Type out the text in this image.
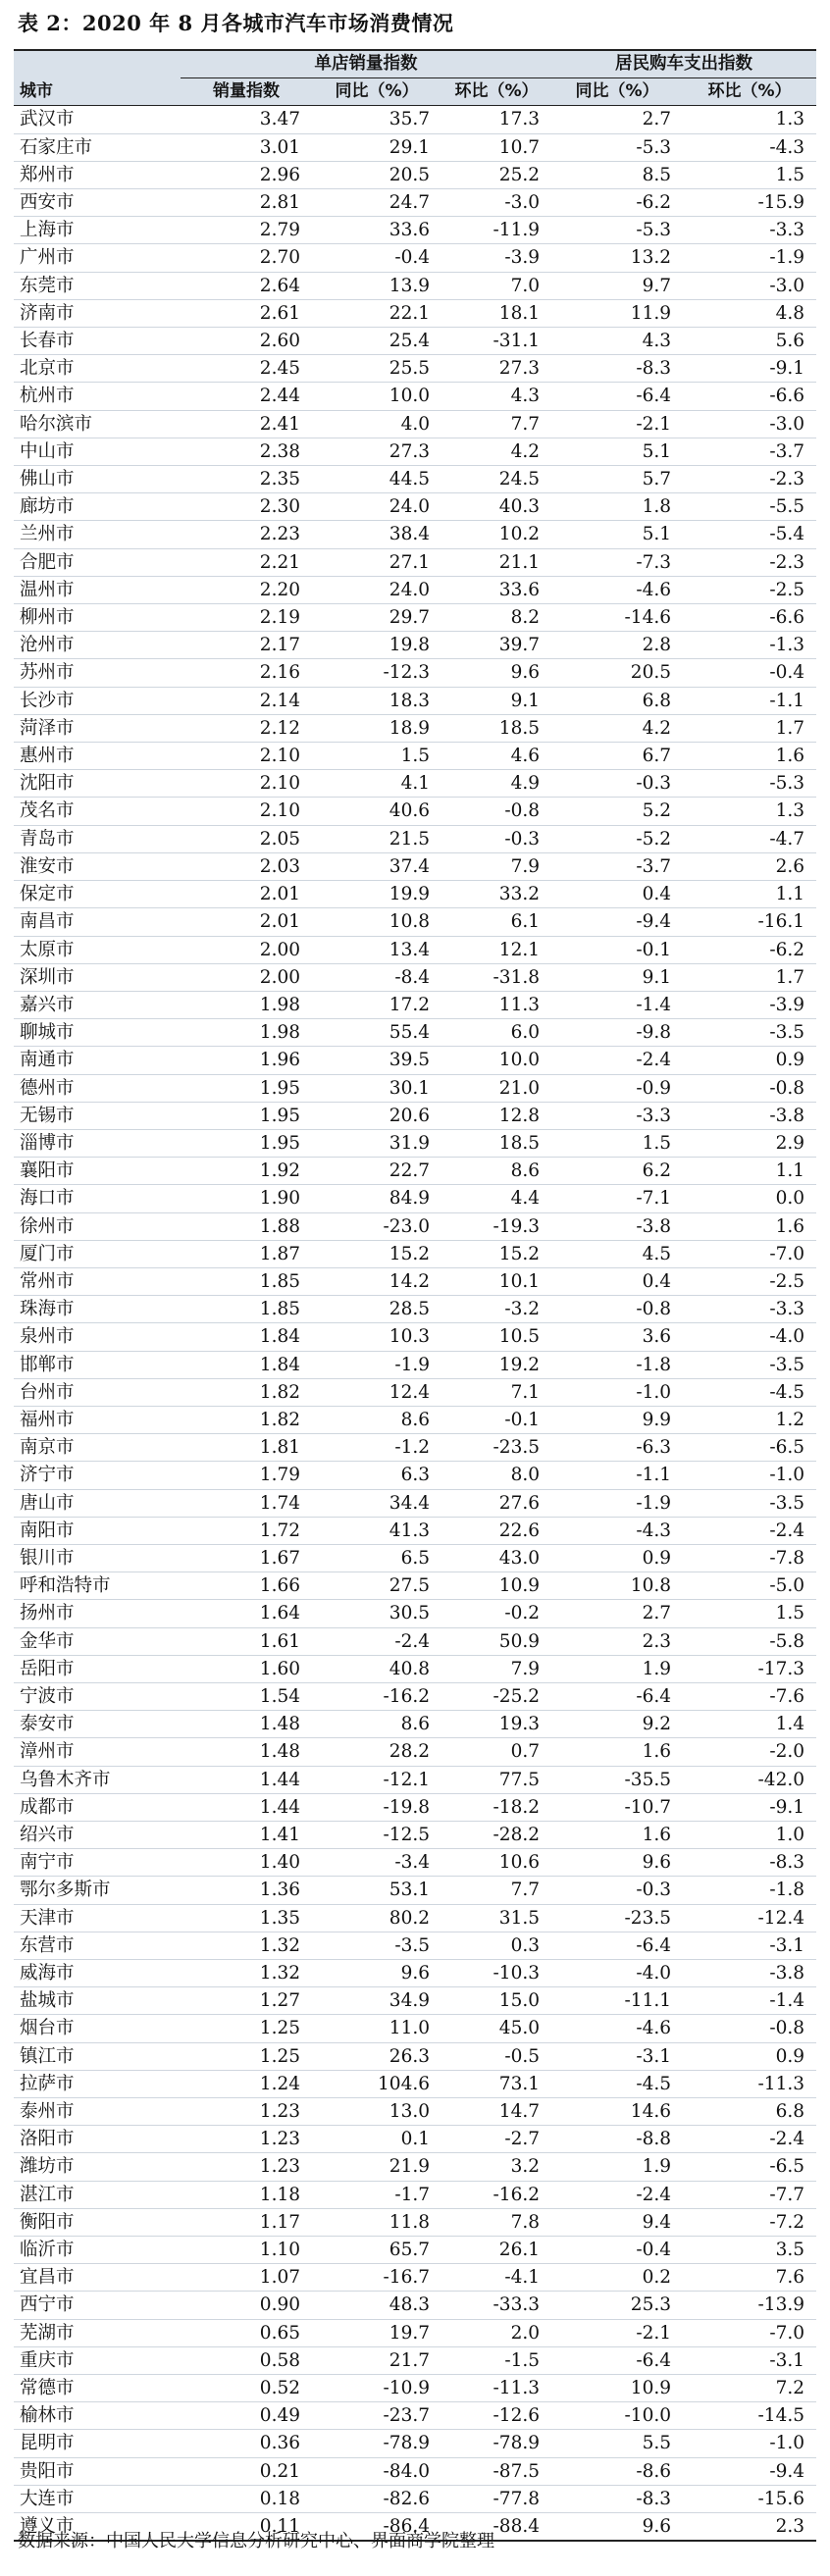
表 2：2020 年 8 月各城市汽车市场消费情况
	单店销量指数			居民购车支出指数	
城市	销量指数	同比（%）	环比（%）	同比（%）	环比（%）
武汉市	3.47	35.7	17.3	2.7	1.3
石家庄市	3.01	29.1	10.7	-5.3	-4.3
郑州市	2.96	20.5	25.2	8.5	1.5
西安市	2.81	24.7	-3.0	-6.2	-15.9
上海市	2.79	33.6	-11.9	-5.3	-3.3
广州市	2.70	-0.4	-3.9	13.2	-1.9
东莞市	2.64	13.9	7.0	9.7	-3.0
济南市	2.61	22.1	18.1	11.9	4.8
长春市	2.60	25.4	-31.1	4.3	5.6
北京市	2.45	25.5	27.3	-8.3	-9.1
杭州市	2.44	10.0	4.3	-6.4	-6.6
哈尔滨市	2.41	4.0	7.7	-2.1	-3.0
中山市	2.38	27.3	4.2	5.1	-3.7
佛山市	2.35	44.5	24.5	5.7	-2.3
廊坊市	2.30	24.0	40.3	1.8	-5.5
兰州市	2.23	38.4	10.2	5.1	-5.4
合肥市	2.21	27.1	21.1	-7.3	-2.3
温州市	2.20	24.0	33.6	-4.6	-2.5
柳州市	2.19	29.7	8.2	-14.6	-6.6
沧州市	2.17	19.8	39.7	2.8	-1.3
苏州市	2.16	-12.3	9.6	20.5	-0.4
长沙市	2.14	18.3	9.1	6.8	-1.1
菏泽市	2.12	18.9	18.5	4.2	1.7
惠州市	2.10	1.5	4.6	6.7	1.6
沈阳市	2.10	4.1	4.9	-0.3	-5.3
茂名市	2.10	40.6	-0.8	5.2	1.3
青岛市	2.05	21.5	-0.3	-5.2	-4.7
淮安市	2.03	37.4	7.9	-3.7	2.6
保定市	2.01	19.9	33.2	0.4	1.1
南昌市	2.01	10.8	6.1	-9.4	-16.1
太原市	2.00	13.4	12.1	-0.1	-6.2
深圳市	2.00	-8.4	-31.8	9.1	1.7
嘉兴市	1.98	17.2	11.3	-1.4	-3.9
聊城市	1.98	55.4	6.0	-9.8	-3.5
南通市	1.96	39.5	10.0	-2.4	0.9
德州市	1.95	30.1	21.0	-0.9	-0.8
无锡市	1.95	20.6	12.8	-3.3	-3.8
淄博市	1.95	31.9	18.5	1.5	2.9
襄阳市	1.92	22.7	8.6	6.2	1.1
海口市	1.90	84.9	4.4	-7.1	0.0
徐州市	1.88	-23.0	-19.3	-3.8	1.6
厦门市	1.87	15.2	15.2	4.5	-7.0
常州市	1.85	14.2	10.1	0.4	-2.5
珠海市	1.85	28.5	-3.2	-0.8	-3.3
泉州市	1.84	10.3	10.5	3.6	-4.0
邯郸市	1.84	-1.9	19.2	-1.8	-3.5
台州市	1.82	12.4	7.1	-1.0	-4.5
福州市	1.82	8.6	-0.1	9.9	1.2
南京市	1.81	-1.2	-23.5	-6.3	-6.5
济宁市	1.79	6.3	8.0	-1.1	-1.0
唐山市	1.74	34.4	27.6	-1.9	-3.5
南阳市	1.72	41.3	22.6	-4.3	-2.4
银川市	1.67	6.5	43.0	0.9	-7.8
呼和浩特市	1.66	27.5	10.9	10.8	-5.0
扬州市	1.64	30.5	-0.2	2.7	1.5
金华市	1.61	-2.4	50.9	2.3	-5.8
岳阳市	1.60	40.8	7.9	1.9	-17.3
宁波市	1.54	-16.2	-25.2	-6.4	-7.6
泰安市	1.48	8.6	19.3	9.2	1.4
漳州市	1.48	28.2	0.7	1.6	-2.0
乌鲁木齐市	1.44	-12.1	77.5	-35.5	-42.0
成都市	1.44	-19.8	-18.2	-10.7	-9.1
绍兴市	1.41	-12.5	-28.2	1.6	1.0
南宁市	1.40	-3.4	10.6	9.6	-8.3
鄂尔多斯市	1.36	53.1	7.7	-0.3	-1.8
天津市	1.35	80.2	31.5	-23.5	-12.4
东营市	1.32	-3.5	0.3	-6.4	-3.1
威海市	1.32	9.6	-10.3	-4.0	-3.8
盐城市	1.27	34.9	15.0	-11.1	-1.4
烟台市	1.25	11.0	45.0	-4.6	-0.8
镇江市	1.25	26.3	-0.5	-3.1	0.9
拉萨市	1.24	104.6	73.1	-4.5	-11.3
泰州市	1.23	13.0	14.7	14.6	6.8
洛阳市	1.23	0.1	-2.7	-8.8	-2.4
潍坊市	1.23	21.9	3.2	1.9	-6.5
湛江市	1.18	-1.7	-16.2	-2.4	-7.7
衡阳市	1.17	11.8	7.8	9.4	-7.2
临沂市	1.10	65.7	26.1	-0.4	3.5
宜昌市	1.07	-16.7	-4.1	0.2	7.6
西宁市	0.90	48.3	-33.3	25.3	-13.9
芜湖市	0.65	19.7	2.0	-2.1	-7.0
重庆市	0.58	21.7	-1.5	-6.4	-3.1
常德市	0.52	-10.9	-11.3	10.9	7.2
榆林市	0.49	-23.7	-12.6	-10.0	-14.5
昆明市	0.36	-78.9	-78.9	5.5	-1.0
贵阳市	0.21	-84.0	-87.5	-8.6	-9.4
大连市	0.18	-82.6	-77.8	-8.3	-15.6
遵义市	0.11	-86.4	-88.4	9.6	2.3
数据来源：中国人民大学信息分析研究中心、界面商学院整理
